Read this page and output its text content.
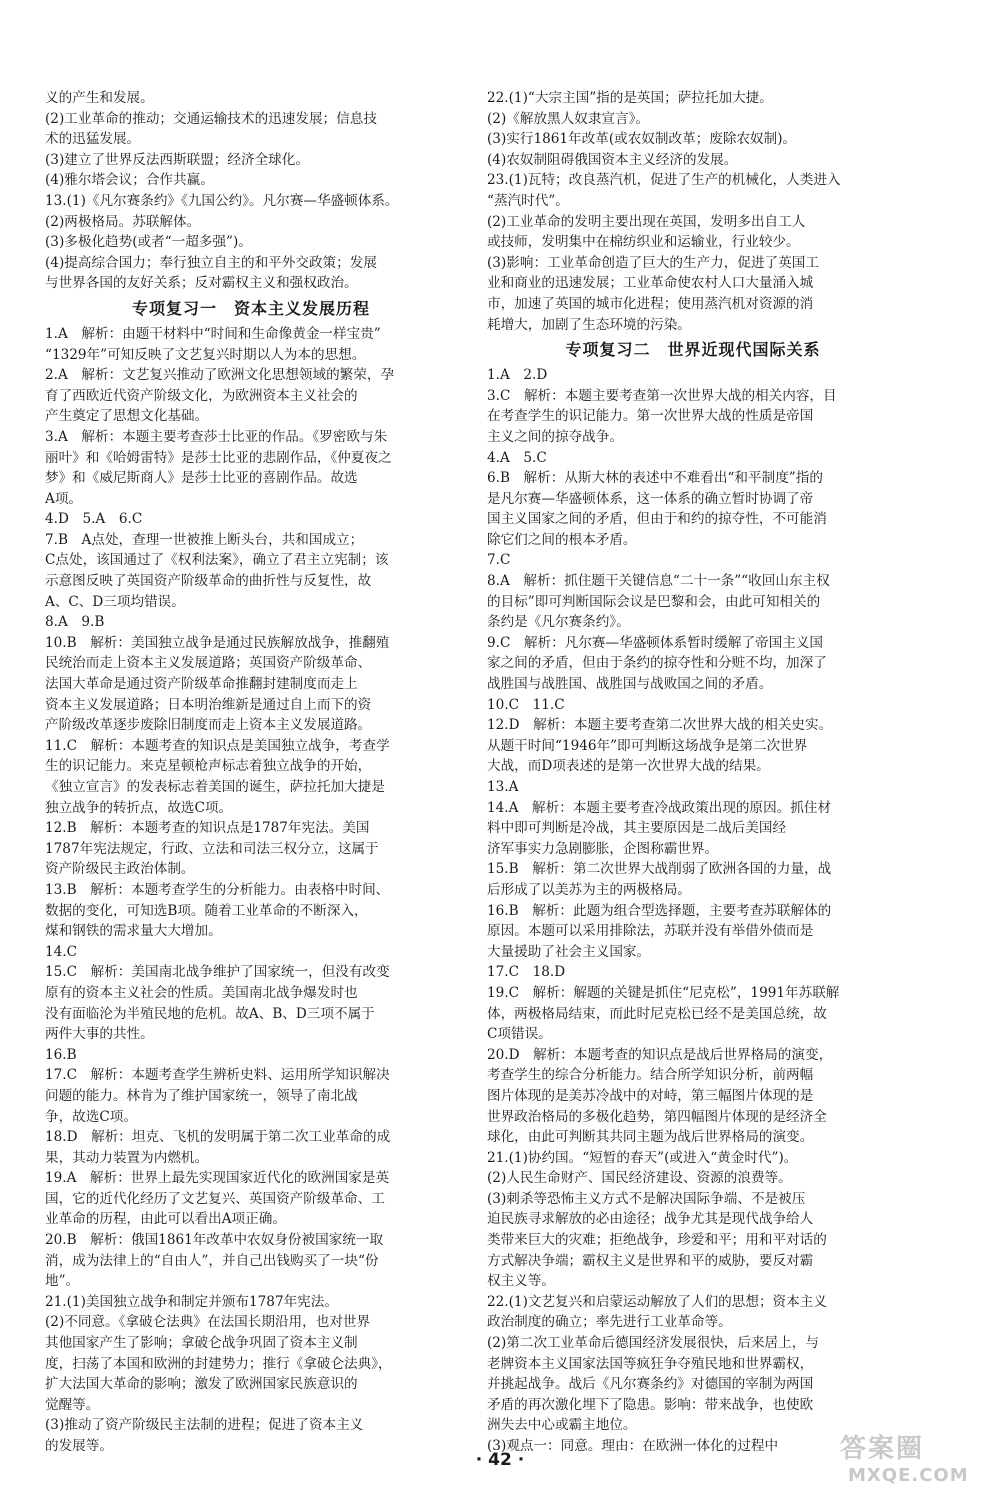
义的产生和发展。
(2)工业革命的推动；交通运输技术的迅速发展；信息技
术的迅猛发展。
(3)建立了世界反法西斯联盟；经济全球化。
(4)雅尔塔会议；合作共赢。
13.(1)《凡尔赛条约》《九国公约》。凡尔赛—华盛顿体系。
(2)两极格局。苏联解体。
(3)多极化趋势(或者“一超多强”)。
(4)提高综合国力；奉行独立自主的和平外交政策；发展
与世界各国的友好关系；反对霸权主义和强权政治。
专项复习一　资本主义发展历程
1.A　解析：由题干材料中“时间和生命像黄金一样宝贵”
“1329年”可知反映了文艺复兴时期以人为本的思想。
2.A　解析：文艺复兴推动了欧洲文化思想领域的繁荣，孕
育了西欧近代资产阶级文化，为欧洲资本主义社会的
产生奠定了思想文化基础。
3.A　解析：本题主要考查莎士比亚的作品。《罗密欧与朱
丽叶》和《哈姆雷特》是莎士比亚的悲剧作品，《仲夏夜之
梦》和《威尼斯商人》是莎士比亚的喜剧作品。故选
A项。
4.D　5.A　6.C
7.B　A点处，查理一世被推上断头台，共和国成立；
C点处，该国通过了《权利法案》，确立了君主立宪制；该
示意图反映了英国资产阶级革命的曲折性与反复性，故
A、C、D三项均错误。
8.A　9.B
10.B　解析：美国独立战争是通过民族解放战争，推翻殖
民统治而走上资本主义发展道路；英国资产阶级革命、
法国大革命是通过资产阶级革命推翻封建制度而走上
资本主义发展道路；日本明治维新是通过自上而下的资
产阶级改革逐步废除旧制度而走上资本主义发展道路。
11.C　解析：本题考查的知识点是美国独立战争，考查学
生的识记能力。来克星顿枪声标志着独立战争的开始，
《独立宣言》的发表标志着美国的诞生，萨拉托加大捷是
独立战争的转折点，故选C项。
12.B　解析：本题考查的知识点是1787年宪法。美国
1787年宪法规定，行政、立法和司法三权分立，这属于
资产阶级民主政治体制。
13.B　解析：本题考查学生的分析能力。由表格中时间、
数据的变化，可知选B项。随着工业革命的不断深入，
煤和钢铁的需求量大大增加。
14.C
15.C　解析：美国南北战争维护了国家统一，但没有改变
原有的资本主义社会的性质。美国南北战争爆发时也
没有面临沦为半殖民地的危机。故A、B、D三项不属于
两件大事的共性。
16.B
17.C　解析：本题考查学生辨析史料、运用所学知识解决
问题的能力。林肯为了维护国家统一，领导了南北战
争，故选C项。
18.D　解析：坦克、飞机的发明属于第二次工业革命的成
果，其动力装置为内燃机。
19.A　解析：世界上最先实现国家近代化的欧洲国家是英
国，它的近代化经历了文艺复兴、英国资产阶级革命、工
业革命的历程，由此可以看出A项正确。
20.B　解析：俄国1861年改革中农奴身份被国家统一取
消，成为法律上的“自由人”，并自己出钱购买了一块“份
地”。
21.(1)美国独立战争和制定并颁布1787年宪法。
(2)不同意。《拿破仑法典》在法国长期沿用，也对世界
其他国家产生了影响；拿破仑战争巩固了资本主义制
度，扫荡了本国和欧洲的封建势力；推行《拿破仑法典》，
扩大法国大革命的影响；激发了欧洲国家民族意识的
觉醒等。
(3)推动了资产阶级民主法制的进程；促进了资本主义
的发展等。
22.(1)“大宗主国”指的是英国；萨拉托加大捷。
(2)《解放黑人奴隶宣言》。
(3)实行1861年改革(或农奴制改革；废除农奴制)。
(4)农奴制阻碍俄国资本主义经济的发展。
23.(1)瓦特；改良蒸汽机，促进了生产的机械化，人类进入
“蒸汽时代”。
(2)工业革命的发明主要出现在英国，发明多出自工人
或技师，发明集中在棉纺织业和运输业，行业较少。
(3)影响：工业革命创造了巨大的生产力，促进了英国工
业和商业的迅速发展；工业革命使农村人口大量涌入城
市，加速了英国的城市化进程；使用蒸汽机对资源的消
耗增大，加剧了生态环境的污染。
专项复习二　世界近现代国际关系
1.A　2.D
3.C　解析：本题主要考查第一次世界大战的相关内容，目
在考查学生的识记能力。第一次世界大战的性质是帝国
主义之间的掠夺战争。
4.A　5.C
6.B　解析：从斯大林的表述中不难看出“和平制度”指的
是凡尔赛—华盛顿体系，这一体系的确立暂时协调了帝
国主义国家之间的矛盾，但由于和约的掠夺性，不可能消
除它们之间的根本矛盾。
7.C
8.A　解析：抓住题干关键信息“二十一条”“收回山东主权
的目标”即可判断国际会议是巴黎和会，由此可知相关的
条约是《凡尔赛条约》。
9.C　解析：凡尔赛—华盛顿体系暂时缓解了帝国主义国
家之间的矛盾，但由于条约的掠夺性和分赃不均，加深了
战胜国与战胜国、战胜国与战败国之间的矛盾。
10.C　11.C
12.D　解析：本题主要考查第二次世界大战的相关史实。
从题干时间“1946年”即可判断这场战争是第二次世界
大战，而D项表述的是第一次世界大战的结果。
13.A
14.A　解析：本题主要考查冷战政策出现的原因。抓住材
料中即可判断是冷战，其主要原因是二战后美国经
济军事实力急剧膨胀，企图称霸世界。
15.B　解析：第二次世界大战削弱了欧洲各国的力量，战
后形成了以美苏为主的两极格局。
16.B　解析：此题为组合型选择题，主要考查苏联解体的
原因。本题可以采用排除法，苏联并没有举借外债而是
大量援助了社会主义国家。
17.C　18.D
19.C　解析：解题的关键是抓住“尼克松”，1991年苏联解
体，两极格局结束，而此时尼克松已经不是美国总统，故
C项错误。
20.D　解析：本题考查的知识点是战后世界格局的演变，
考查学生的综合分析能力。结合所学知识分析，前两幅
图片体现的是美苏冷战中的对峙，第三幅图片体现的是
世界政治格局的多极化趋势，第四幅图片体现的是经济全
球化，由此可判断其共同主题为战后世界格局的演变。
21.(1)协约国。“短暂的春天”(或进入“黄金时代”)。
(2)人民生命财产、国民经济建设、资源的浪费等。
(3)刺杀等恐怖主义方式不是解决国际争端、不是被压
迫民族寻求解放的必由途径；战争尤其是现代战争给人
类带来巨大的灾难；拒绝战争，珍爱和平；用和平对话的
方式解决争端；霸权主义是世界和平的威胁，要反对霸
权主义等。
22.(1)文艺复兴和启蒙运动解放了人们的思想；资本主义
政治制度的确立；率先进行工业革命等。
(2)第二次工业革命后德国经济发展很快，后来居上，与
老牌资本主义国家法国等疯狂争夺殖民地和世界霸权，
并挑起战争。战后《凡尔赛条约》对德国的宰制为两国
矛盾的再次激化埋下了隐患。影响：带来战争，也使欧
洲失去中心或霸主地位。
(3)观点一：同意。理由：在欧洲一体化的过程中
· 42 ·	答案圈
MXQE.COM
